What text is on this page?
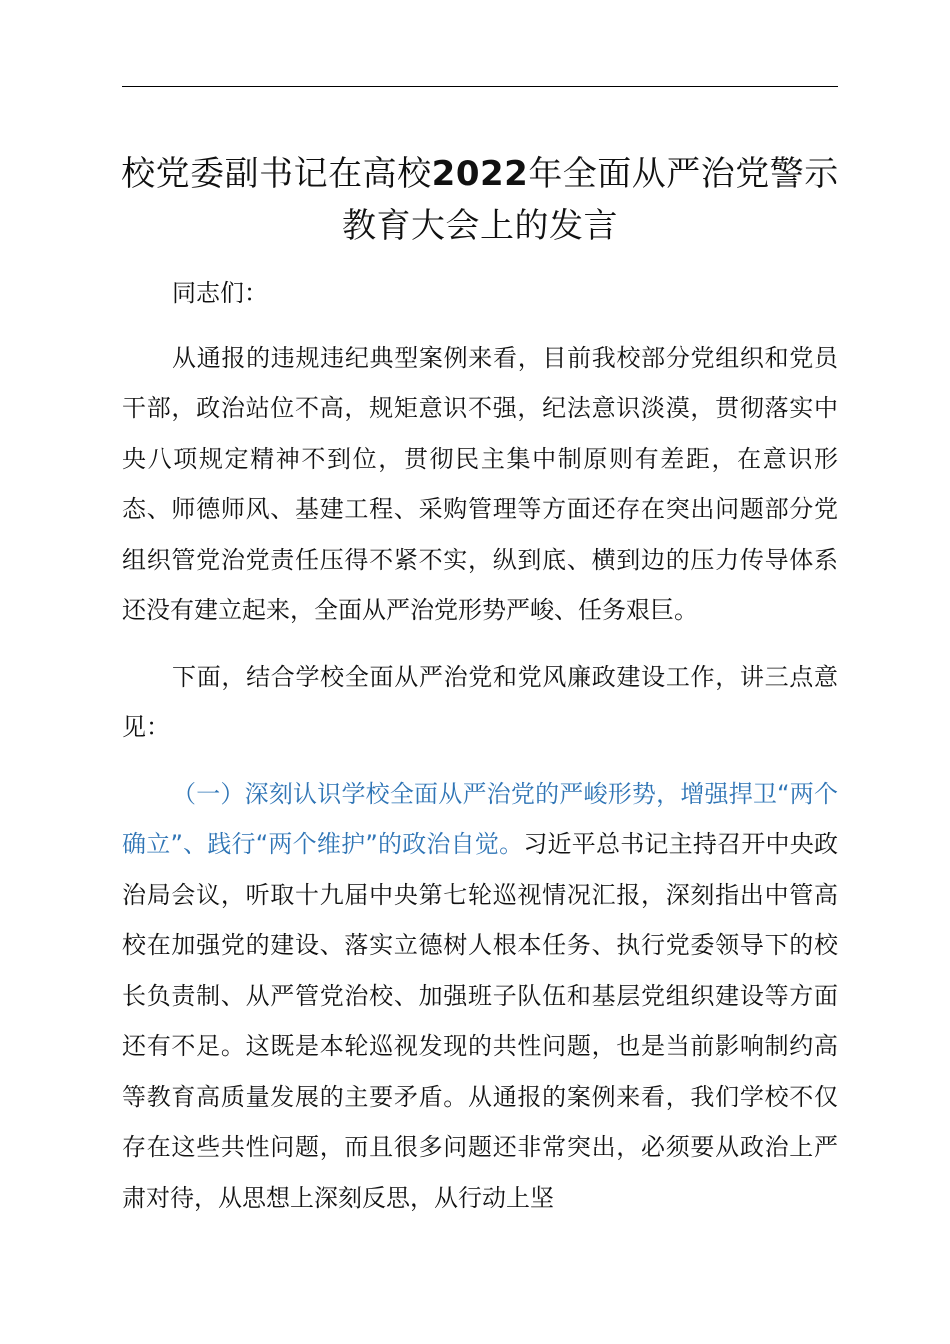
校党委副书记在高校2022年全面从严治党警示教育大会上的发言

同志们：

从通报的违规违纪典型案例来看，目前我校部分党组织和党员干部，政治站位不高，规矩意识不强，纪法意识淡漠，贯彻落实中央八项规定精神不到位，贯彻民主集中制原则有差距，在意识形态、师德师风、基建工程、采购管理等方面还存在突出问题部分党组织管党治党责任压得不紧不实，纵到底、横到边的压力传导体系还没有建立起来，全面从严治党形势严峻、任务艰巨。

下面，结合学校全面从严治党和党风廉政建设工作，讲三点意见：

（一）深刻认识学校全面从严治党的严峻形势，增强捍卫“两个确立”、践行“两个维护”的政治自觉。习近平总书记主持召开中央政治局会议，听取十九届中央第七轮巡视情况汇报，深刻指出中管高校在加强党的建设、落实立德树人根本任务、执行党委领导下的校长负责制、从严管党治校、加强班子队伍和基层党组织建设等方面还有不足。这既是本轮巡视发现的共性问题，也是当前影响制约高等教育高质量发展的主要矛盾。从通报的案例来看，我们学校不仅存在这些共性问题，而且很多问题还非常突出，必须要从政治上严肃对待，从思想上深刻反思，从行动上坚
